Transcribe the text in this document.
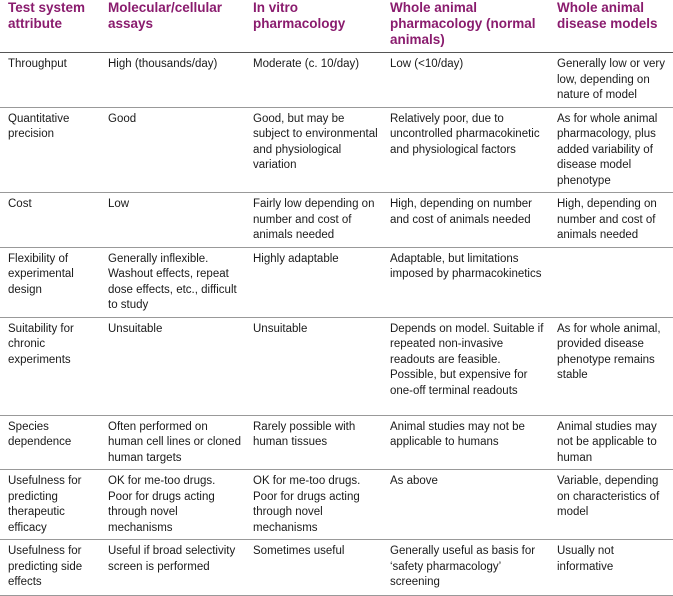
Test system attribute	Molecular/cellular assays	In vitro pharmacology	Whole animal pharmacology (normal animals)	Whole animal disease models
Throughput	High (thousands/day)	Moderate (c. 10/day)	Low (<10/day)	Generally low or very low, depending on nature of model
Quantitative precision	Good	Good, but may be subject to environmental and physiological variation	Relatively poor, due to uncontrolled pharmacokinetic and physiological factors	As for whole animal pharmacology, plus added variability of disease model phenotype
Cost	Low	Fairly low depending on number and cost of animals needed	High, depending on number and cost of animals needed	High, depending on number and cost of animals needed
Flexibility of experimental design	Generally inflexible. Washout effects, repeat dose effects, etc., difficult to study	Highly adaptable	Adaptable, but limitations imposed by pharmacokinetics	
Suitability for chronic experiments	Unsuitable	Unsuitable	Depends on model. Suitable if repeated non-invasive readouts are feasible. Possible, but expensive for one-off terminal readouts	As for whole animal, provided disease phenotype remains stable
Species dependence	Often performed on human cell lines or cloned human targets	Rarely possible with human tissues	Animal studies may not be applicable to humans	Animal studies may not be applicable to human
Usefulness for predicting therapeutic efficacy	OK for me-too drugs. Poor for drugs acting through novel mechanisms	OK for me-too drugs. Poor for drugs acting through novel mechanisms	As above	Variable, depending on characteristics of model
Usefulness for predicting side effects	Useful if broad selectivity screen is performed	Sometimes useful	Generally useful as basis for ‘safety pharmacology’ screening	Usually not informative
